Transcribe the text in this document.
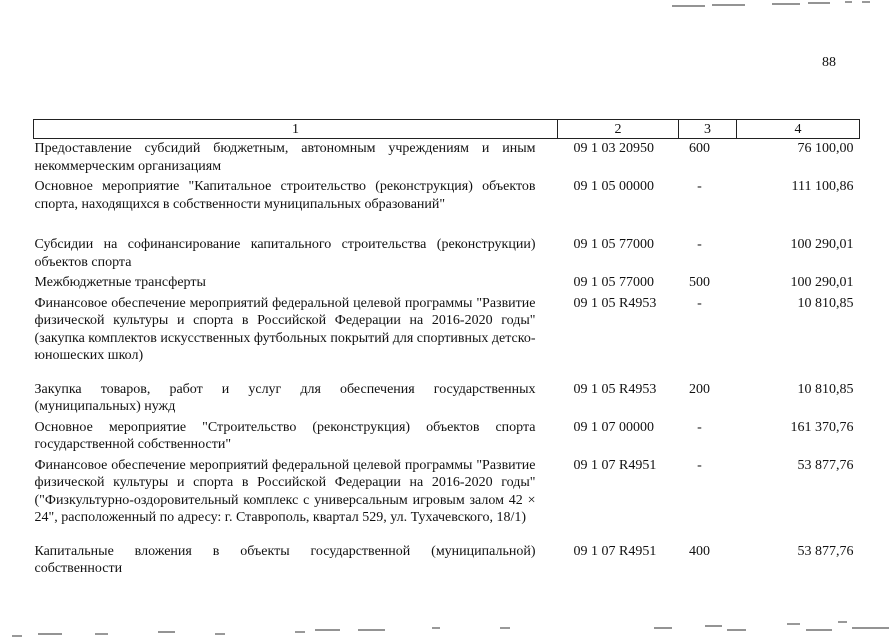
88
1	2	3	4
Предоставление субсидий бюджетным, автономным учреждениям и иным некоммерческим организациям	09 1 03 20950	600	76 100,00
Основное мероприятие "Капитальное строительство (реконструкция) объектов спорта, находящихся в собственности муниципальных образований"	09 1 05 00000	-	111 100,86
Субсидии на софинансирование капитального строительства (реконструкции) объектов спорта	09 1 05 77000	-	100 290,01
Межбюджетные трансферты	09 1 05 77000	500	100 290,01
Финансовое обеспечение мероприятий федеральной целевой программы "Развитие физической культуры и спорта в Российской Федерации на 2016-2020 годы" (закупка комплектов искусственных футбольных покрытий для спортивных детско-юношеских школ)	09 1 05 R4953	-	10 810,85
Закупка товаров, работ и услуг для обеспечения государственных (муниципальных) нужд	09 1 05 R4953	200	10 810,85
Основное мероприятие "Строительство (реконструкция) объектов спорта государственной собственности"	09 1 07 00000	-	161 370,76
Финансовое обеспечение мероприятий федеральной целевой программы "Развитие физической культуры и спорта в Российской Федерации на 2016-2020 годы" ("Физкультурно-оздоровительный комплекс с универсальным игровым залом 42 × 24", расположенный по адресу: г. Ставрополь, квартал 529, ул. Тухачевского, 18/1)	09 1 07 R4951	-	53 877,76
Капитальные вложения в объекты государственной (муниципальной) собственности	09 1 07 R4951	400	53 877,76
